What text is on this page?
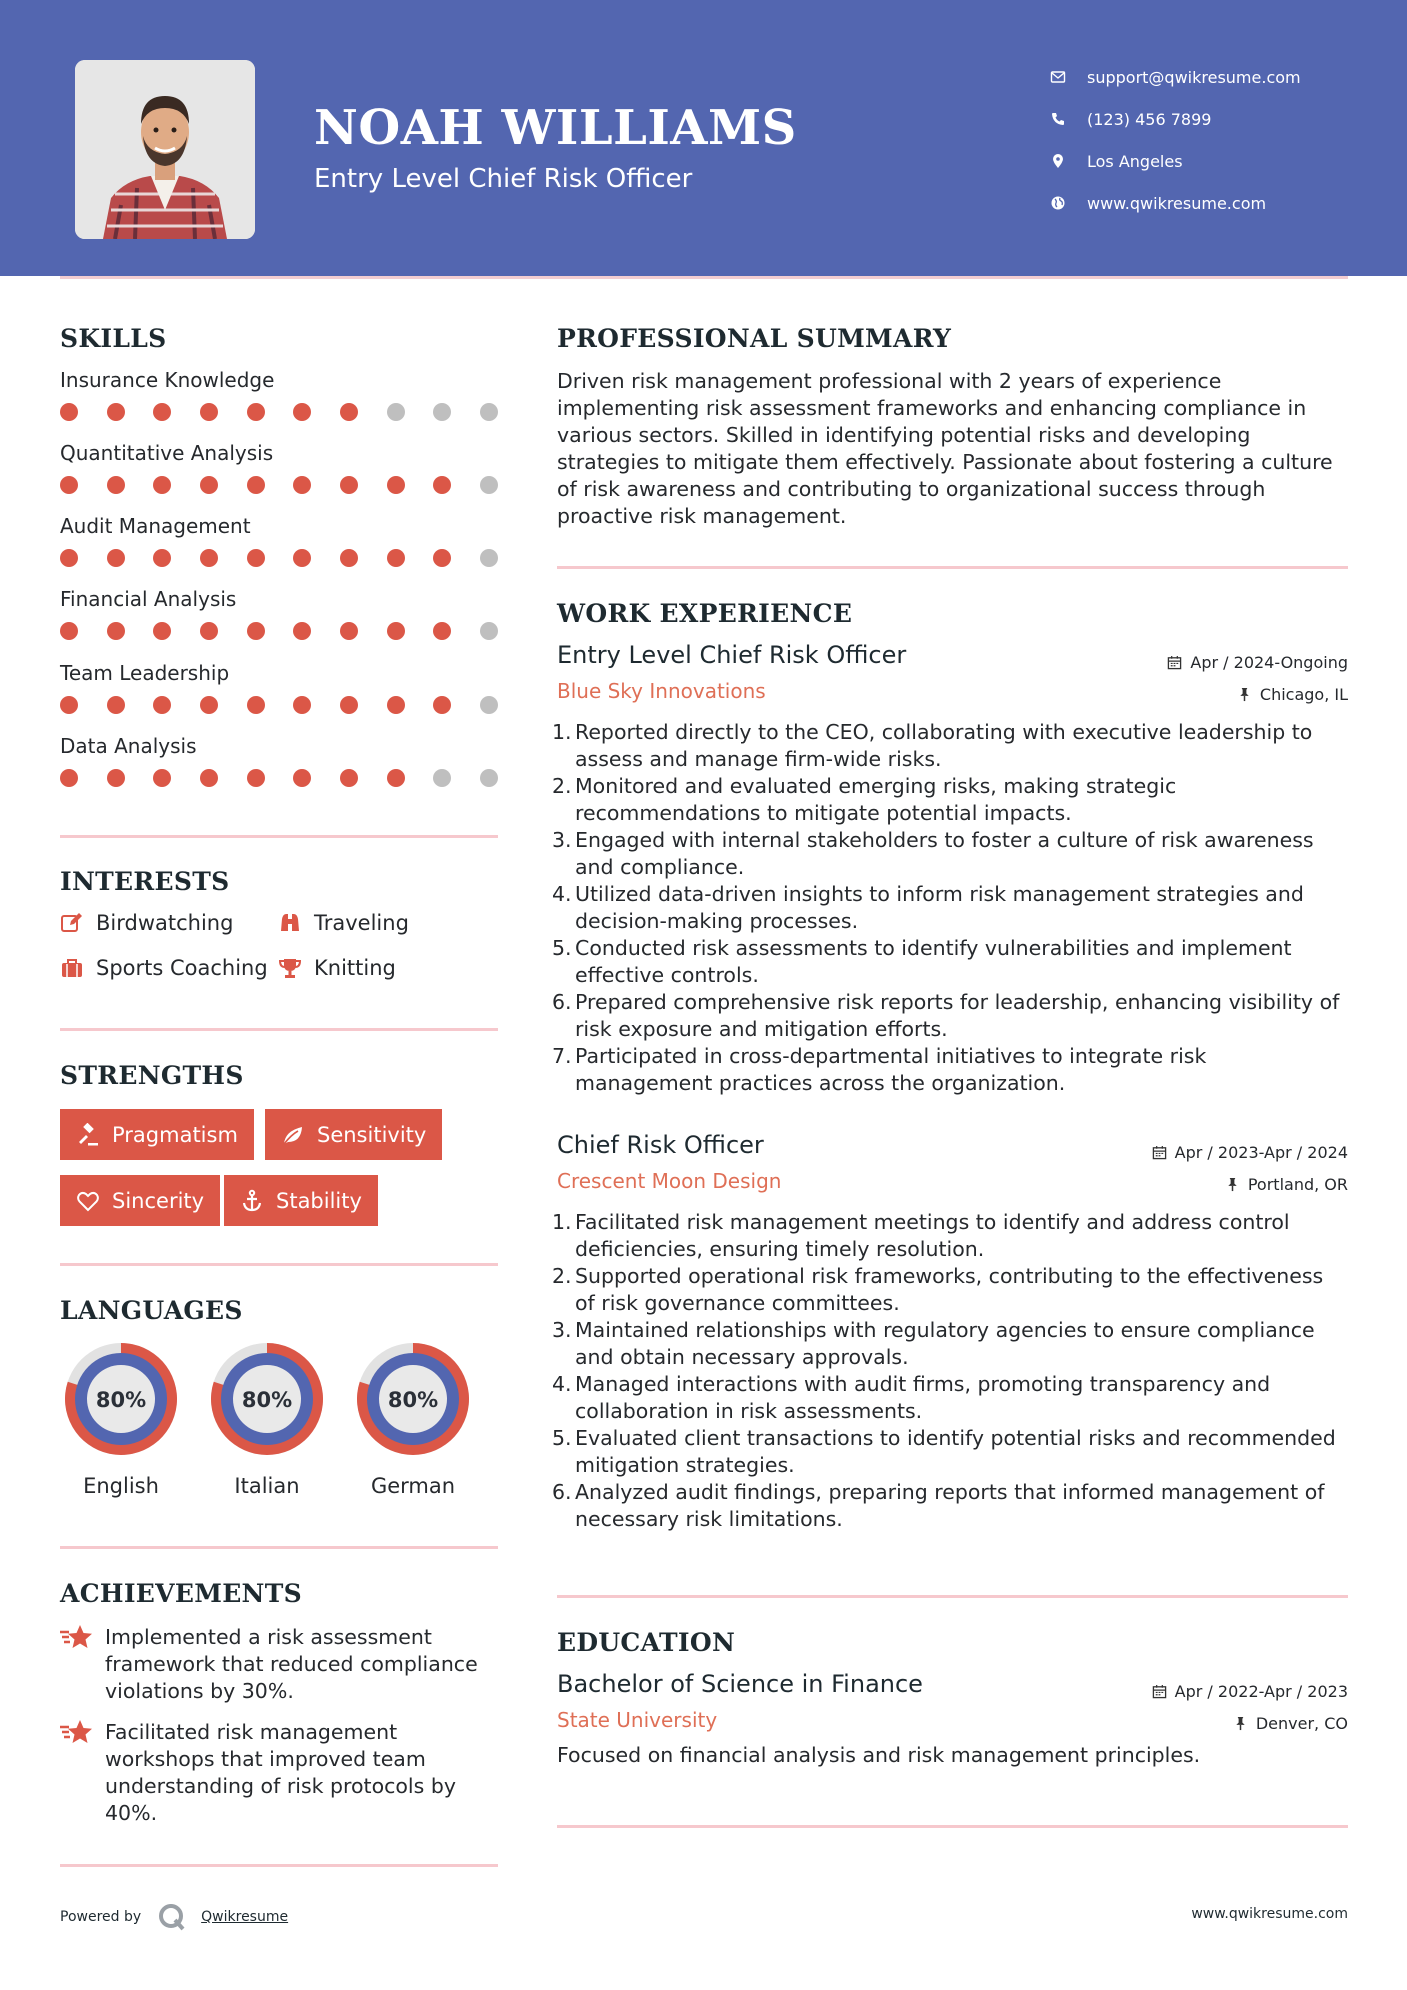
NOAH WILLIAMS
Entry Level Chief Risk Officer
support@qwikresume.com
(123) 456 7899
Los Angeles
www.qwikresume.com
SKILLS
Insurance Knowledge
Quantitative Analysis
Audit Management
Financial Analysis
Team Leadership
Data Analysis
INTERESTS
Birdwatching	Traveling
Sports Coaching Knitting
STRENGTHS
Pragmatism	Sensitivity
Sincerity	Stability
LANGUAGES
80%
English
80%
Italian
80%
German
ACHIEVEMENTS
Implemented a risk assessment framework that reduced compliance violations by 30%.
Facilitated risk management workshops that improved team understanding of risk protocols by 40%.
PROFESSIONAL SUMMARY
Driven risk management professional with 2 years of experience implementing risk assessment frameworks and enhancing compliance in various sectors. Skilled in identifying potential risks and developing strategies to mitigate them effectively. Passionate about fostering a culture of risk awareness and contributing to organizational success through proactive risk management.
WORK EXPERIENCE
Entry Level Chief Risk Officer	Apr / 2024-Ongoing
Blue Sky Innovations	Chicago, IL
1. Reported directly to the CEO, collaborating with executive leadership to assess and manage firm-wide risks.
2. Monitored and evaluated emerging risks, making strategic recommendations to mitigate potential impacts.
3. Engaged with internal stakeholders to foster a culture of risk awareness and compliance.
4. Utilized data-driven insights to inform risk management strategies and decision-making processes.
5. Conducted risk assessments to identify vulnerabilities and implement effective controls.
6. Prepared comprehensive risk reports for leadership, enhancing visibility of risk exposure and mitigation efforts.
7. Participated in cross-departmental initiatives to integrate risk management practices across the organization.
Chief Risk Officer	Apr / 2023-Apr / 2024
Crescent Moon Design	Portland, OR
1. Facilitated risk management meetings to identify and address control deficiencies, ensuring timely resolution.
2. Supported operational risk frameworks, contributing to the effectiveness of risk governance committees.
3. Maintained relationships with regulatory agencies to ensure compliance and obtain necessary approvals.
4. Managed interactions with audit firms, promoting transparency and collaboration in risk assessments.
5. Evaluated client transactions to identify potential risks and recommended mitigation strategies.
6. Analyzed audit findings, preparing reports that informed management of necessary risk limitations.
EDUCATION
Bachelor of Science in Finance	Apr / 2022-Apr / 2023
State University	Denver, CO
Focused on financial analysis and risk management principles.
Powered by	Qwikresume	www.qwikresume.com
